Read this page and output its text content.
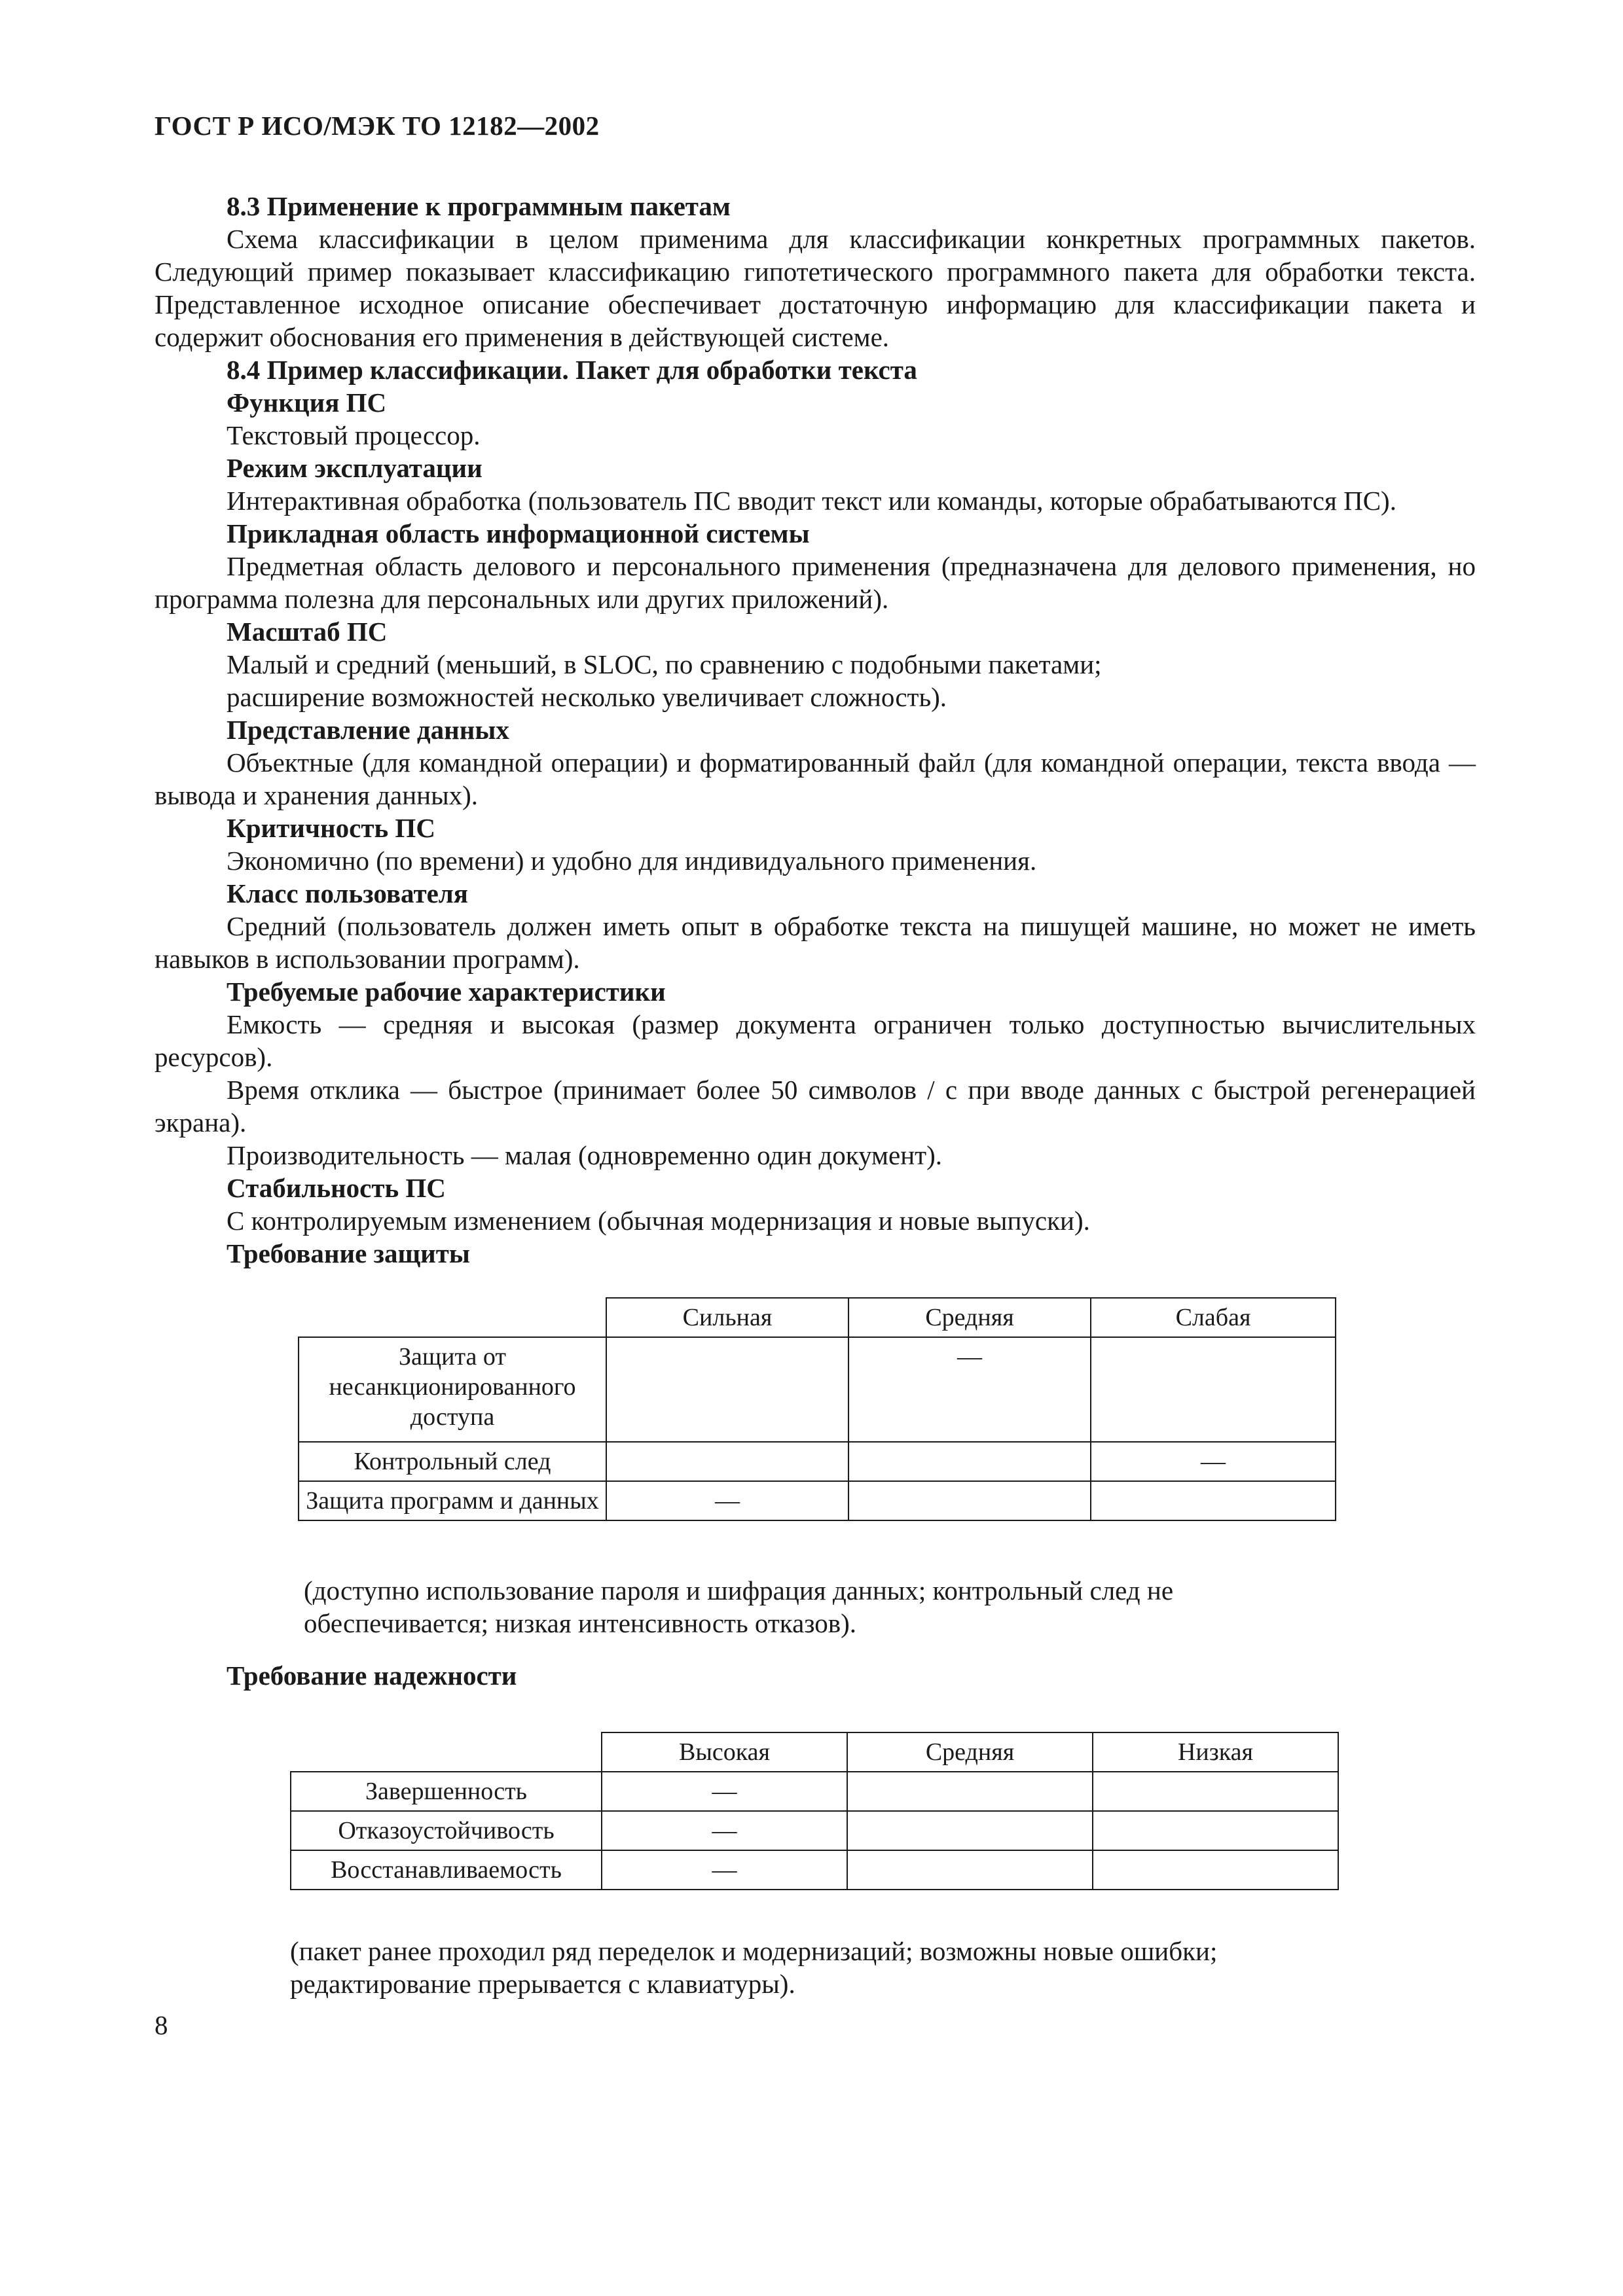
ГОСТ Р ИСО/МЭК ТО 12182—2002

8.3 Применение к программным пакетам

Схема классификации в целом применима для классификации конкретных программных пакетов. Следующий пример показывает классификацию гипотетического программного пакета для обработки текста. Представленное исходное описание обеспечивает достаточную информацию для классификации пакета и содержит обоснования его применения в действующей системе.

8.4 Пример классификации. Пакет для обработки текста

Функция ПС

Текстовый процессор.

Режим эксплуатации

Интерактивная обработка (пользователь ПС вводит текст или команды, которые обрабатываются ПС).

Прикладная область информационной системы

Предметная область делового и персонального применения (предназначена для делового применения, но программа полезна для персональных или других приложений).

Масштаб ПС

Малый и средний (меньший, в SLOC, по сравнению с подобными пакетами;

расширение возможностей несколько увеличивает сложность).

Представление данных

Объектные (для командной операции) и форматированный файл (для командной операции, текста ввода — вывода и хранения данных).

Критичность ПС

Экономично (по времени) и удобно для индивидуального применения.

Класс пользователя

Средний (пользователь должен иметь опыт в обработке текста на пишущей машине, но может не иметь навыков в использовании программ).

Требуемые рабочие характеристики

Емкость — средняя и высокая (размер документа ограничен только доступностью вычислительных ресурсов).

Время отклика — быстрое (принимает более 50 символов / с при вводе данных с быстрой регенерацией экрана).

Производительность — малая (одновременно один документ).

Стабильность ПС

С контролируемым изменением (обычная модернизация и новые выпуски).

Требование защиты

	Сильная	Средняя	Слабая
Защита от несанкционированного доступа		—	
Контрольный след			—
Защита программ и данных	—		
(доступно использование пароля и шифрация данных; контрольный след не обеспечивается; низкая интенсивность отказов).
Требование надежности
	Высокая	Средняя	Низкая
Завершенность	—		
Отказоустойчивость	—		
Восстанавливаемость	—		
(пакет ранее проходил ряд переделок и модернизаций; возможны новые ошибки; редактирование прерывается с клавиатуры).
8
